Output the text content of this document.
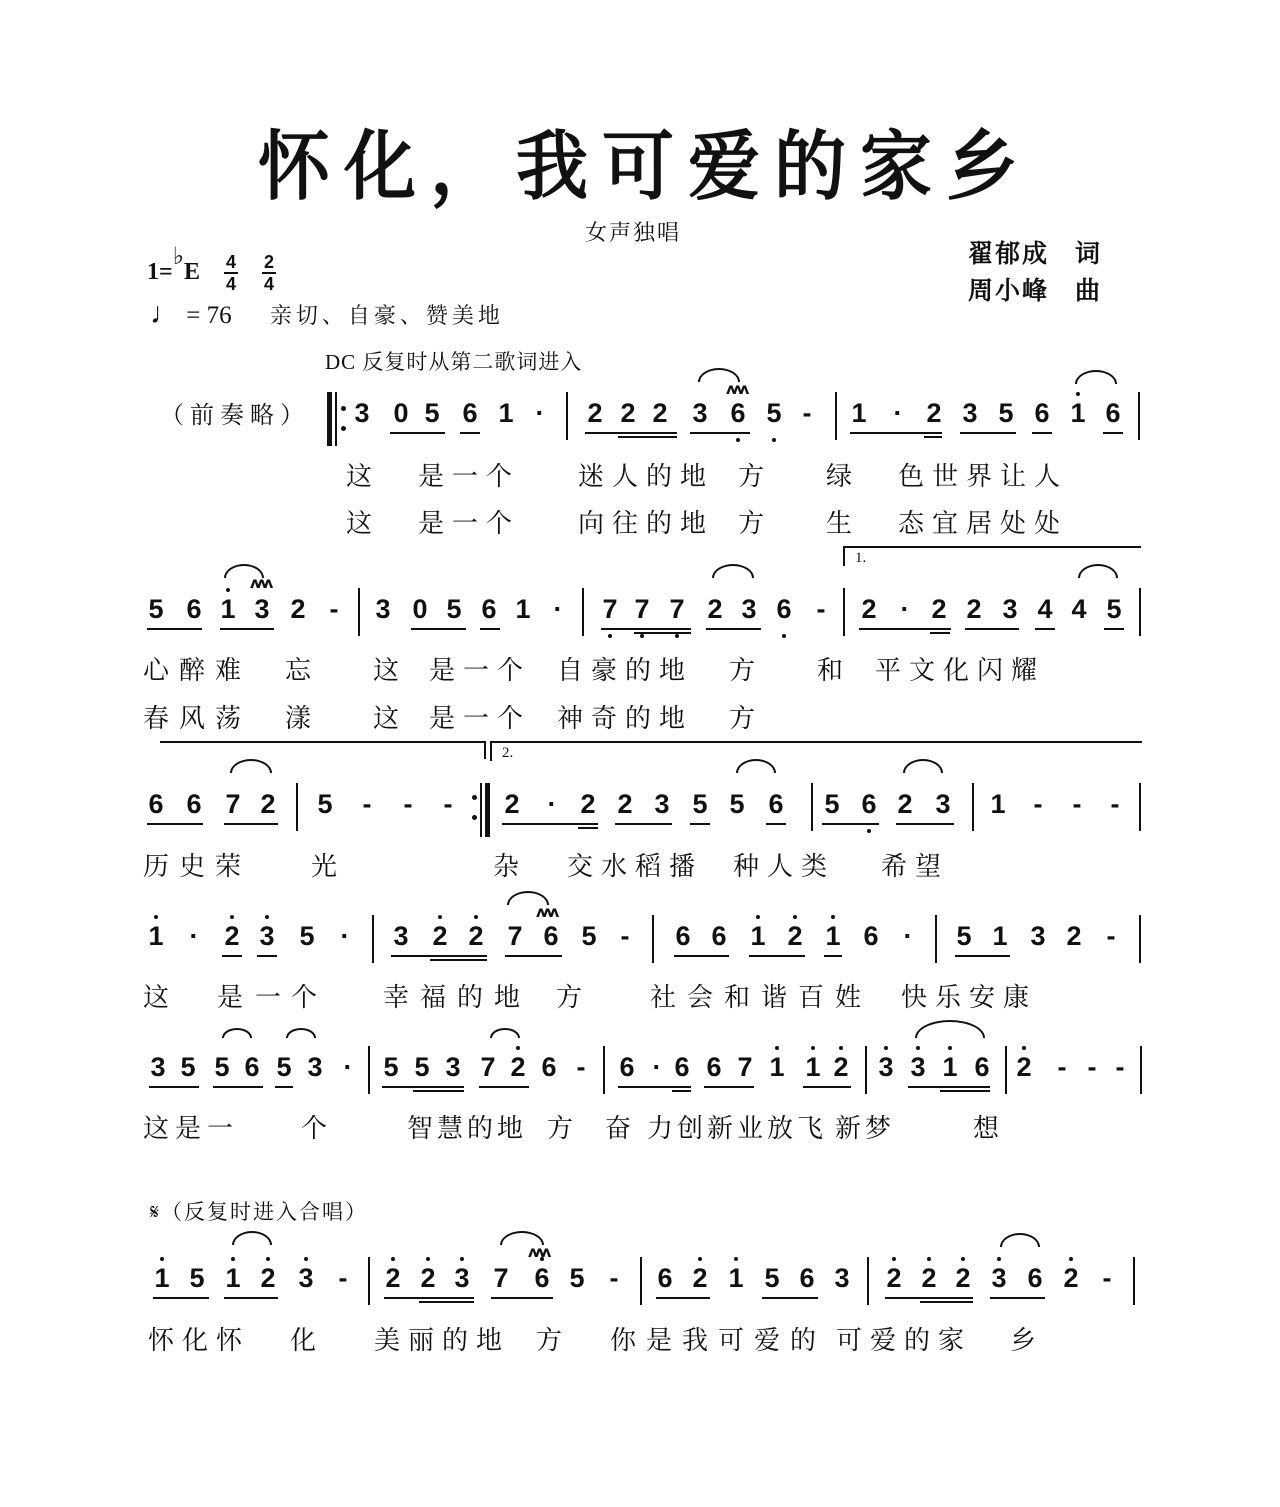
怀化，我可爱的家乡
女声独唱
翟郁成 词
周小峰 曲
$1=^♭E \frac{4}{4}$
$\frac{2}{4}$
♩ = 76 亲切、自豪、赞美地
DC 反复时从第二歌词进入
（前奏略） 3 0 5 6 1 · 2 2 2 3 6 5 -
ʌʌʌ
1 · 2 3 5 6 1 6
这 是 一 个	迷 人 的 地 方 绿 色 世 界 让 人
这 是 一 个	向 往 的 地 方 生 态 宜 居 处 处
1.
5 6 1 3 2 -
ʌʌʌ
3 0 5 6 1 · 7 7 7 2 3 6 - 2 · 2 2 3 4 4 5
心 醉 难 忘 这 是 一 个 自 豪 的 地 方 和 平 文 化 闪 耀
春 风 荡 漾 这 是 一 个 神 奇 的 地 方
2.
6 6 7 2 5 - - - 2 · 2 2 3 5 5 6 5 6 2 3 1 - - -
历 史 荣	光	杂 交 水 稻 播 种 人 类 希 望
1 · 2 3 5 · 3 2 2 7 6 5 -
ʌʌʌ
6 6 1 2 1 6 · 5 1 3 2 -
这 是 一 个	幸 福 的 地 方	社 会 和 谐 百 姓 快 乐 安 康
3 5 5 6 5 3 · 5 5 3 7 2 6 - 6 · 6 6 7 1 1 2 3 3 1 6 2 - - -
这 是 一	个	智 慧 的 地 方 奋 力 创 新 业 放 飞 新 梦	想
𝄋（反复时进入合唱）
1 5 1 2 3 - 2 2 3 7 6 5 -
ʌʌʌ
6 2 1 5 6 3 2 2 2 3 6 2 -
怀 化 怀 化 美 丽 的 地 方 你 是 我 可 爱 的 可 爱 的 家 乡
